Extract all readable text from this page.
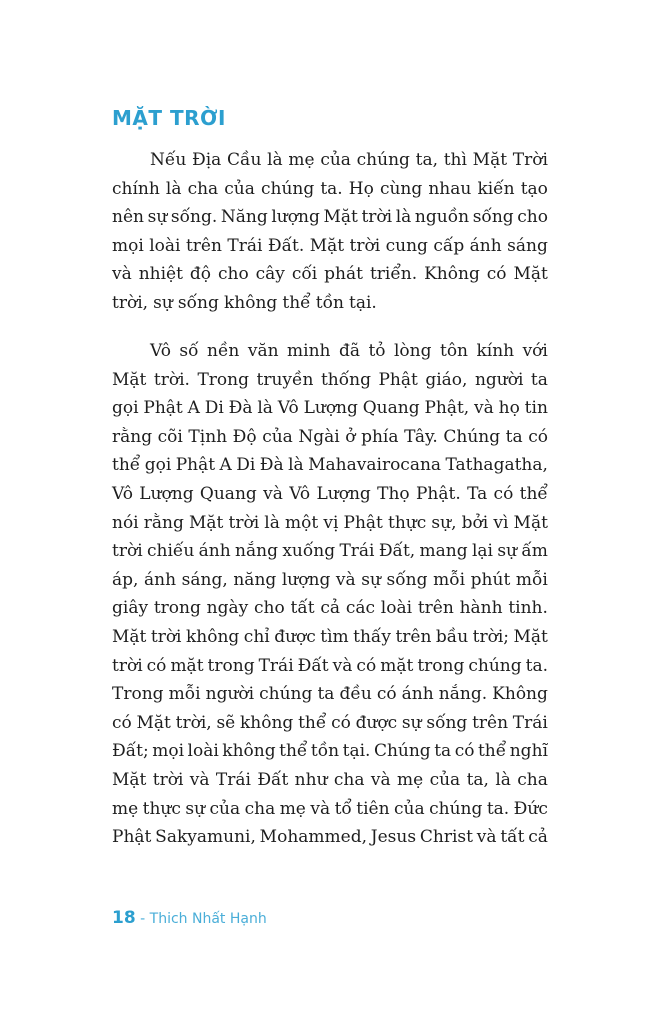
MẶT TRỜI
Nếu Địa Cầu là mẹ của chúng ta, thì Mặt Trời
chính là cha của chúng ta. Họ cùng nhau kiến tạo
nên sự sống. Năng lượng Mặt trời là nguồn sống cho
mọi loài trên Trái Đất. Mặt trời cung cấp ánh sáng
và nhiệt độ cho cây cối phát triển. Không có Mặt
trời, sự sống không thể tồn tại.
Vô số nền văn minh đã tỏ lòng tôn kính với
Mặt trời. Trong truyền thống Phật giáo, người ta
gọi Phật A Di Đà là Vô Lượng Quang Phật, và họ tin
rằng cõi Tịnh Độ của Ngài ở phía Tây. Chúng ta có
thể gọi Phật A Di Đà là Mahavairocana Tathagatha,
Vô Lượng Quang và Vô Lượng Thọ Phật. Ta có thể
nói rằng Mặt trời là một vị Phật thực sự, bởi vì Mặt
trời chiếu ánh nắng xuống Trái Đất, mang lại sự ấm
áp, ánh sáng, năng lượng và sự sống mỗi phút mỗi
giây trong ngày cho tất cả các loài trên hành tinh.
Mặt trời không chỉ được tìm thấy trên bầu trời; Mặt
trời có mặt trong Trái Đất và có mặt trong chúng ta.
Trong mỗi người chúng ta đều có ánh nắng. Không
có Mặt trời, sẽ không thể có được sự sống trên Trái
Đất; mọi loài không thể tồn tại. Chúng ta có thể nghĩ
Mặt trời và Trái Đất như cha và mẹ của ta, là cha
mẹ thực sự của cha mẹ và tổ tiên của chúng ta. Đức
Phật Sakyamuni, Mohammed, Jesus Christ và tất cả
18 - Thich Nhất Hạnh
